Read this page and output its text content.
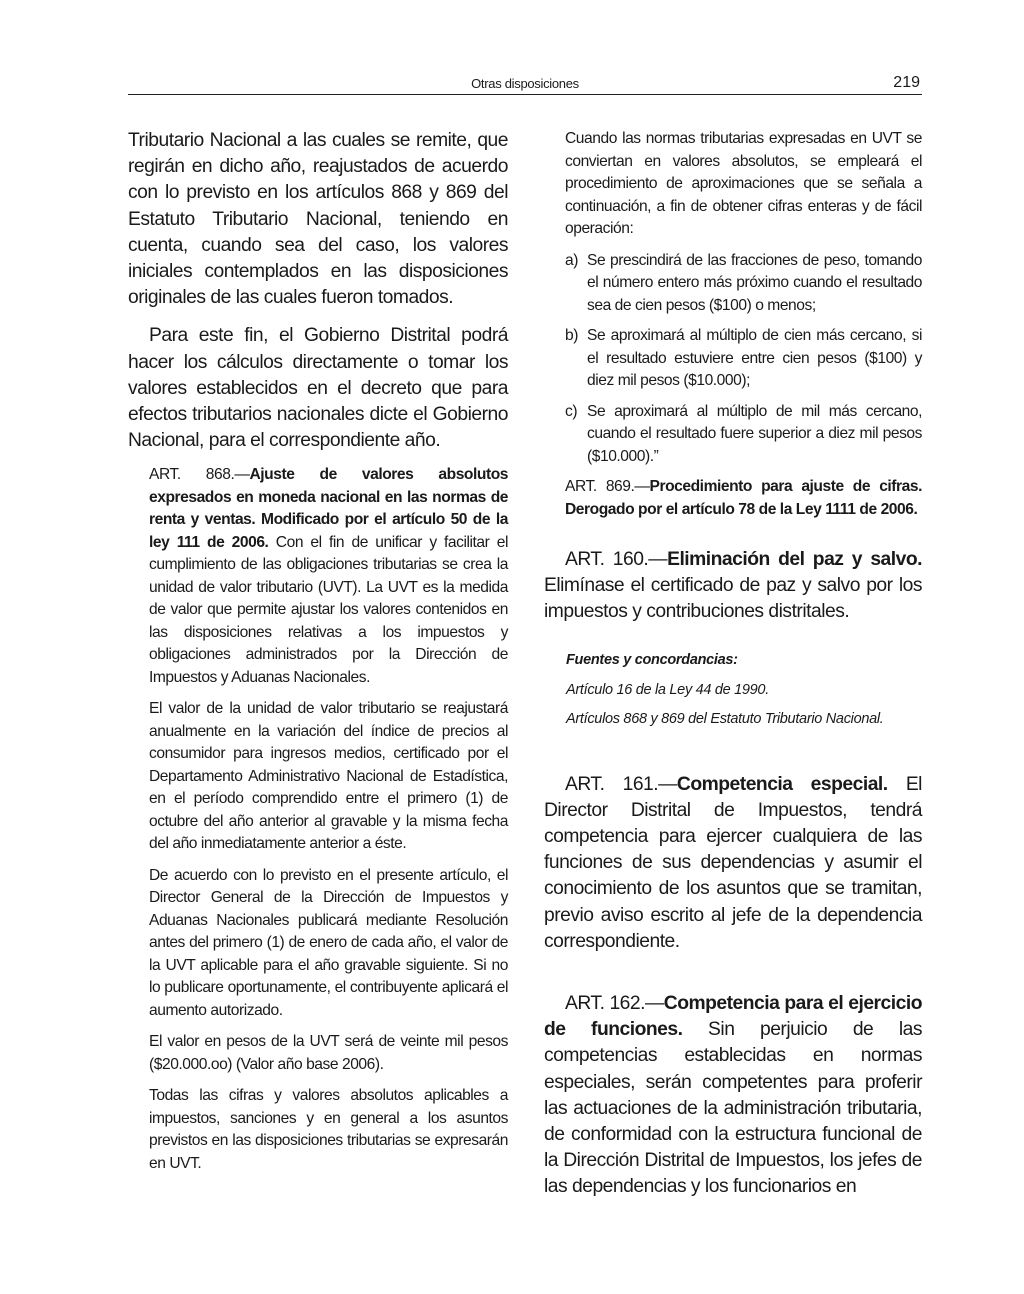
Otras disposiciones	219

Tributario Nacional a las cuales se remite, que regirán en dicho año, reajustados de acuerdo con lo previsto en los artículos 868 y 869 del Estatuto Tributario Nacional, teniendo en cuenta, cuando sea del caso, los valores iniciales contemplados en las disposiciones originales de las cuales fueron tomados.

Para este fin, el Gobierno Distrital podrá hacer los cálculos directamente o tomar los valores establecidos en el decreto que para efectos tributarios nacionales dicte el Gobierno Nacional, para el correspondiente año.

ART. 868.—Ajuste de valores absolutos expresados en moneda nacional en las normas de renta y ventas. Modificado por el artículo 50 de la ley 111 de 2006. Con el fin de unificar y facilitar el cumplimiento de las obligaciones tributarias se crea la unidad de valor tributario (UVT). La UVT es la medida de valor que permite ajustar los valores contenidos en las disposiciones relativas a los impuestos y obligaciones administrados por la Dirección de Impuestos y Aduanas Nacionales.

El valor de la unidad de valor tributario se reajustará anualmente en la variación del índice de precios al consumidor para ingresos medios, certificado por el Departamento Administrativo Nacional de Estadística, en el período comprendido entre el primero (1) de octubre del año anterior al gravable y la misma fecha del año inmediatamente anterior a éste.

De acuerdo con lo previsto en el presente artículo, el Director General de la Dirección de Impuestos y Aduanas Nacionales publicará mediante Resolución antes del primero (1) de enero de cada año, el valor de la UVT aplicable para el año gravable siguiente. Si no lo publicare oportunamente, el contribuyente aplicará el aumento autorizado.

El valor en pesos de la UVT será de veinte mil pesos ($20.000.oo) (Valor año base 2006).

Todas las cifras y valores absolutos aplicables a impuestos, sanciones y en general a los asuntos previstos en las disposiciones tributarias se expresarán en UVT.

Cuando las normas tributarias expresadas en UVT se conviertan en valores absolutos, se empleará el procedimiento de aproximaciones que se señala a continuación, a fin de obtener cifras enteras y de fácil operación:

a) Se prescindirá de las fracciones de peso, tomando el número entero más próximo cuando el resultado sea de cien pesos ($100) o menos;
b) Se aproximará al múltiplo de cien más cercano, si el resultado estuviere entre cien pesos ($100) y diez mil pesos ($10.000);
c) Se aproximará al múltiplo de mil más cercano, cuando el resultado fuere superior a diez mil pesos ($10.000).”

ART. 869.—Procedimiento para ajuste de cifras. Derogado por el artículo 78 de la Ley 1111 de 2006.

ART. 160.—Eliminación del paz y salvo. Elimínase el certificado de paz y salvo por los impuestos y contribuciones distritales.

Fuentes y concordancias:

Artículo 16 de la Ley 44 de 1990.

Artículos 868 y 869 del Estatuto Tributario Nacional.

ART. 161.—Competencia especial. El Director Distrital de Impuestos, tendrá competencia para ejercer cualquiera de las funciones de sus dependencias y asumir el conocimiento de los asuntos que se tramitan, previo aviso escrito al jefe de la dependencia correspondiente.

ART. 162.—Competencia para el ejercicio de funciones. Sin perjuicio de las competencias establecidas en normas especiales, serán competentes para proferir las actuaciones de la administración tributaria, de conformidad con la estructura funcional de la Dirección Distrital de Impuestos, los jefes de las dependencias y los funcionarios en
